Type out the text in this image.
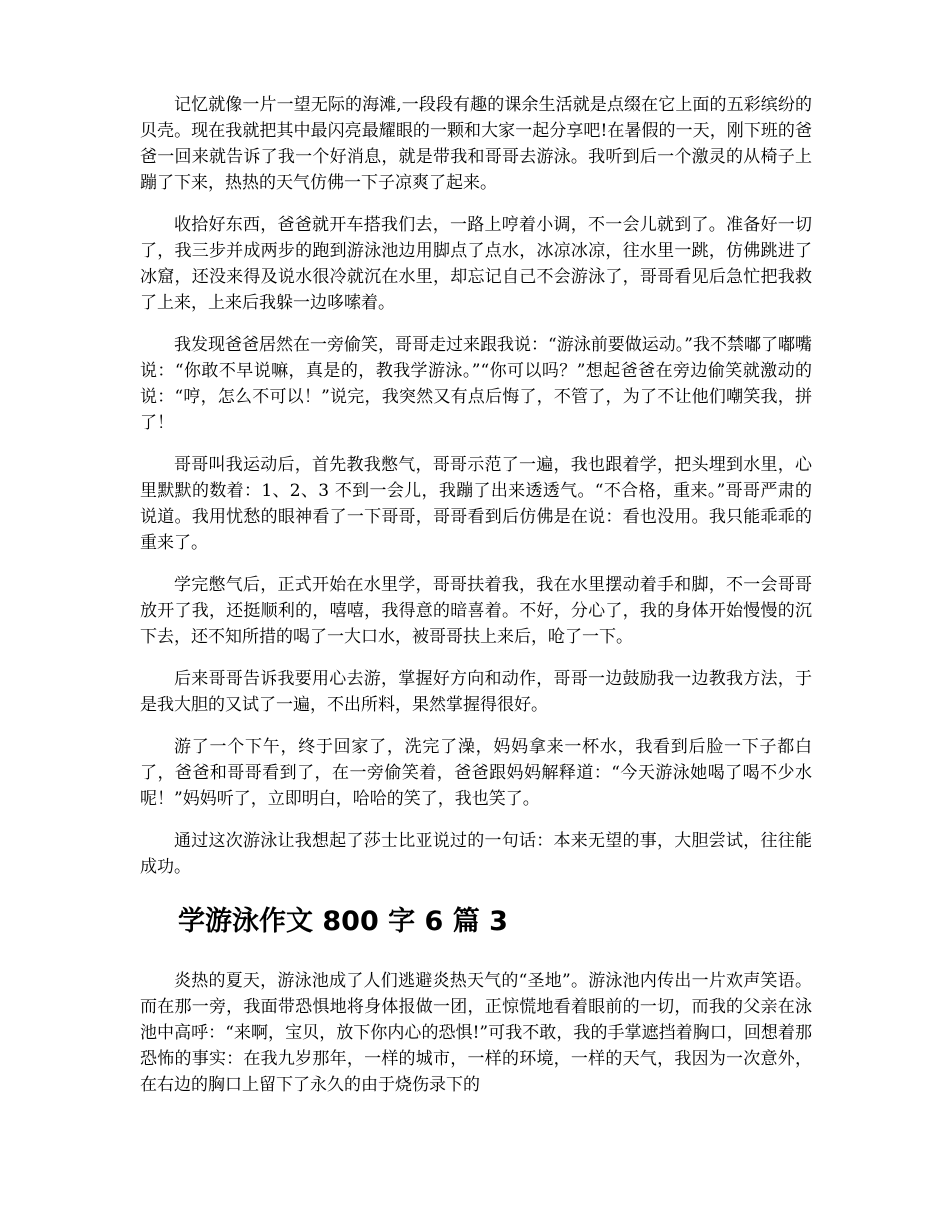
记忆就像一片一望无际的海滩,一段段有趣的课余生活就是点缀在它上面的五彩缤纷的贝壳。现在我就把其中最闪亮最耀眼的一颗和大家一起分享吧!在暑假的一天，刚下班的爸爸一回来就告诉了我一个好消息，就是带我和哥哥去游泳。我听到后一个激灵的从椅子上蹦了下来，热热的天气仿佛一下子凉爽了起来。

收拾好东西，爸爸就开车搭我们去，一路上哼着小调，不一会儿就到了。准备好一切了，我三步并成两步的跑到游泳池边用脚点了点水，冰凉冰凉，往水里一跳，仿佛跳进了冰窟，还没来得及说水很冷就沉在水里，却忘记自己不会游泳了，哥哥看见后急忙把我救了上来，上来后我躲一边哆嗦着。

我发现爸爸居然在一旁偷笑，哥哥走过来跟我说：“游泳前要做运动。”我不禁嘟了嘟嘴说：“你敢不早说嘛，真是的，教我学游泳。”“你可以吗？”想起爸爸在旁边偷笑就激动的说：“哼，怎么不可以！”说完，我突然又有点后悔了，不管了，为了不让他们嘲笑我，拼了！

哥哥叫我运动后，首先教我憋气，哥哥示范了一遍，我也跟着学，把头埋到水里，心里默默的数着：1、2、3 不到一会儿，我蹦了出来透透气。“不合格，重来。”哥哥严肃的说道。我用忧愁的眼神看了一下哥哥，哥哥看到后仿佛是在说：看也没用。我只能乖乖的重来了。

学完憋气后，正式开始在水里学，哥哥扶着我，我在水里摆动着手和脚，不一会哥哥放开了我，还挺顺利的，嘻嘻，我得意的暗喜着。不好，分心了，我的身体开始慢慢的沉下去，还不知所措的喝了一大口水，被哥哥扶上来后，呛了一下。

后来哥哥告诉我要用心去游，掌握好方向和动作，哥哥一边鼓励我一边教我方法，于是我大胆的又试了一遍，不出所料，果然掌握得很好。

游了一个下午，终于回家了，洗完了澡，妈妈拿来一杯水，我看到后脸一下子都白了，爸爸和哥哥看到了，在一旁偷笑着，爸爸跟妈妈解释道：“今天游泳她喝了喝不少水呢！”妈妈听了，立即明白，哈哈的笑了，我也笑了。

通过这次游泳让我想起了莎士比亚说过的一句话：本来无望的事，大胆尝试，往往能成功。

学游泳作文 800 字 6 篇 3

炎热的夏天，游泳池成了人们逃避炎热天气的“圣地”。游泳池内传出一片欢声笑语。而在那一旁，我面带恐惧地将身体报做一团，正惊慌地看着眼前的一切，而我的父亲在泳池中高呼：“来啊，宝贝，放下你内心的恐惧!”可我不敢，我的手掌遮挡着胸口，回想着那恐怖的事实：在我九岁那年，一样的城市，一样的环境，一样的天气，我因为一次意外，在右边的胸口上留下了永久的由于烧伤录下的
